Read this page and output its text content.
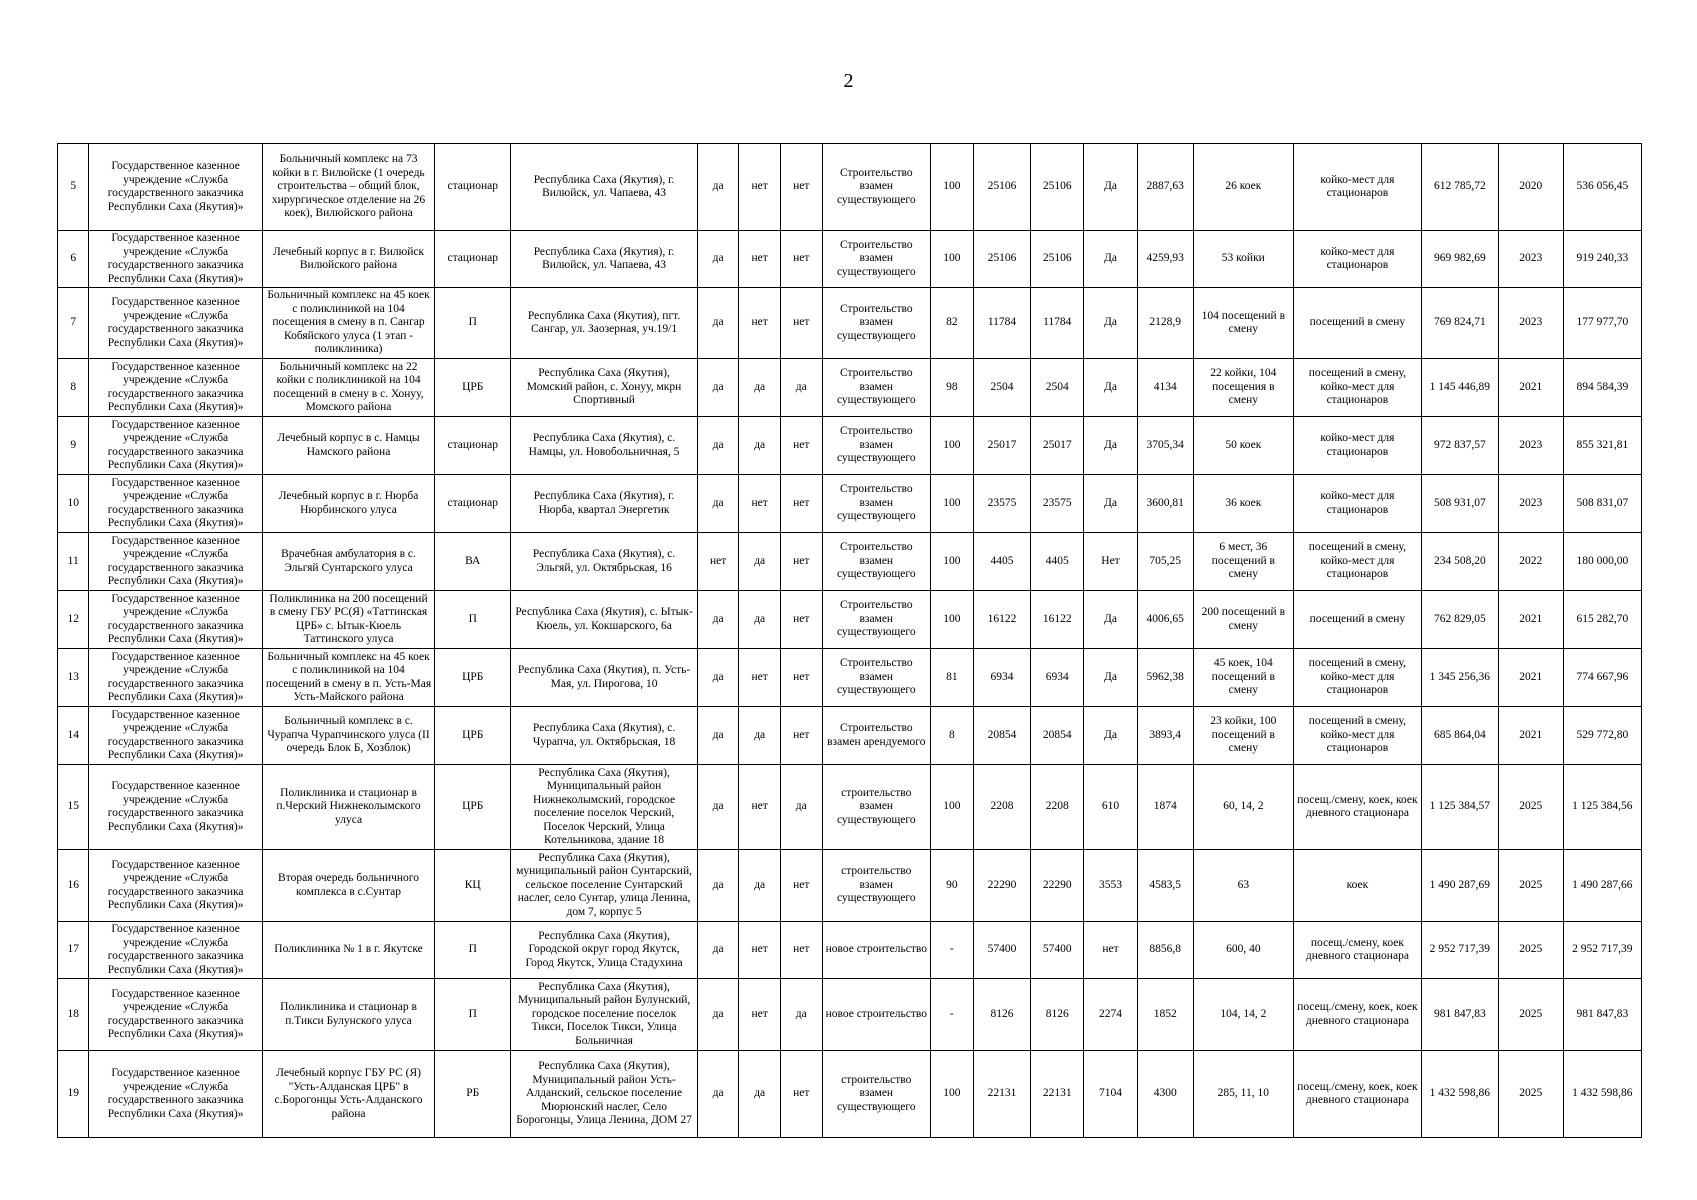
2
5	Государственное казенное учреждение «Служба государственного заказчика Республики Саха (Якутия)»	Больничный комплекс на 73 койки в г. Вилюйске (1 очередь строительства – общий блок, хирургическое отделение на 26 коек), Вилюйского района	стационар	Республика Саха (Якутия), г. Вилюйск, ул. Чапаева, 43	да	нет	нет	Строительство взамен существующего	100	25106	25106	Да	2887,63	26 коек	койко-мест для стационаров	612 785,72	2020	536 056,45
6	Государственное казенное учреждение «Служба государственного заказчика Республики Саха (Якутия)»	Лечебный корпус в г. Вилюйск Вилюйского района	стационар	Республика Саха (Якутия), г. Вилюйск, ул. Чапаева, 43	да	нет	нет	Строительство взамен существующего	100	25106	25106	Да	4259,93	53 койки	койко-мест для стационаров	969 982,69	2023	919 240,33
7	Государственное казенное учреждение «Служба государственного заказчика Республики Саха (Якутия)»	Больничный комплекс на 45 коек с поликлиникой на 104 посещения в смену в п. Сангар Кобяйского улуса (1 этап - поликлиника)	П	Республика Саха (Якутия), пгт. Сангар, ул. Заозерная, уч.19/1	да	нет	нет	Строительство взамен существующего	82	11784	11784	Да	2128,9	104 посещений в смену	посещений в смену	769 824,71	2023	177 977,70
8	Государственное казенное учреждение «Служба государственного заказчика Республики Саха (Якутия)»	Больничный комплекс на 22 койки с поликлиникой на 104 посещений в смену в с. Хонуу, Момского района	ЦРБ	Республика Саха (Якутия), Момский район, с. Хонуу, мкрн Спортивный	да	да	да	Строительство взамен существующего	98	2504	2504	Да	4134	22 койки, 104 посещения в смену	посещений в смену, койко-мест для стационаров	1 145 446,89	2021	894 584,39
9	Государственное казенное учреждение «Служба государственного заказчика Республики Саха (Якутия)»	Лечебный корпус в с. Намцы Намского района	стационар	Республика Саха (Якутия), с. Намцы, ул. Новобольничная, 5	да	да	нет	Строительство взамен существующего	100	25017	25017	Да	3705,34	50 коек	койко-мест для стационаров	972 837,57	2023	855 321,81
10	Государственное казенное учреждение «Служба государственного заказчика Республики Саха (Якутия)»	Лечебный корпус в г. Нюрба Нюрбинского улуса	стационар	Республика Саха (Якутия), г. Нюрба, квартал Энергетик	да	нет	нет	Строительство взамен существующего	100	23575	23575	Да	3600,81	36 коек	койко-мест для стационаров	508 931,07	2023	508 831,07
11	Государственное казенное учреждение «Служба государственного заказчика Республики Саха (Якутия)»	Врачебная амбулатория в с. Эльгяй Сунтарского улуса	ВА	Республика Саха (Якутия), с. Эльгяй, ул. Октябрьская, 16	нет	да	нет	Строительство взамен существующего	100	4405	4405	Нет	705,25	6 мест, 36 посещений в смену	посещений в смену, койко-мест для стационаров	234 508,20	2022	180 000,00
12	Государственное казенное учреждение «Служба государственного заказчика Республики Саха (Якутия)»	Поликлиника на 200 посещений в смену ГБУ РС(Я) «Таттинская ЦРБ» с. Ытык-Кюель Таттинского улуса	П	Республика Саха (Якутия), с. Ытык-Кюель, ул. Кокшарского, 6а	да	да	нет	Строительство взамен существующего	100	16122	16122	Да	4006,65	200 посещений в смену	посещений в смену	762 829,05	2021	615 282,70
13	Государственное казенное учреждение «Служба государственного заказчика Республики Саха (Якутия)»	Больничный комплекс на 45 коек с поликлиникой на 104 посещений в смену в п. Усть-Мая Усть-Майского района	ЦРБ	Республика Саха (Якутия), п. Усть-Мая, ул. Пирогова, 10	да	нет	нет	Строительство взамен существующего	81	6934	6934	Да	5962,38	45 коек, 104 посещений в смену	посещений в смену, койко-мест для стационаров	1 345 256,36	2021	774 667,96
14	Государственное казенное учреждение «Служба государственного заказчика Республики Саха (Якутия)»	Больничный комплекс в с. Чурапча Чурапчинского улуса (II очередь Блок Б, Хозблок)	ЦРБ	Республика Саха (Якутия), с. Чурапча, ул. Октябрьская, 18	да	да	нет	Строительство взамен арендуемого	8	20854	20854	Да	3893,4	23 койки, 100 посещений в смену	посещений в смену, койко-мест для стационаров	685 864,04	2021	529 772,80
15	Государственное казенное учреждение «Служба государственного заказчика Республики Саха (Якутия)»	Поликлиника и стационар в п.Черский Нижнеколымского улуса	ЦРБ	Республика Саха (Якутия), Муниципальный район Нижнеколымский, городское поселение поселок Черский, Поселок Черский, Улица Котельникова, здание 18	да	нет	да	строительство взамен существующего	100	2208	2208	610	1874	60, 14, 2	посещ./смену, коек, коек дневного стационара	1 125 384,57	2025	1 125 384,56
16	Государственное казенное учреждение «Служба государственного заказчика Республики Саха (Якутия)»	Вторая очередь больничного комплекса в с.Сунтар	КЦ	Республика Саха (Якутия), муниципальный район Сунтарский, сельское поселение Сунтарский наслег, село Сунтар, улица Ленина, дом 7, корпус 5	да	да	нет	строительство взамен существующего	90	22290	22290	3553	4583,5	63	коек	1 490 287,69	2025	1 490 287,66
17	Государственное казенное учреждение «Служба государственного заказчика Республики Саха (Якутия)»	Поликлиника № 1 в г. Якутске	П	Республика Саха (Якутия), Городской округ город Якутск, Город Якутск, Улица Стадухина	да	нет	нет	новое строительство	-	57400	57400	нет	8856,8	600, 40	посещ./смену, коек дневного стационара	2 952 717,39	2025	2 952 717,39
18	Государственное казенное учреждение «Служба государственного заказчика Республики Саха (Якутия)»	Поликлиника и стационар в п.Тикси Булунского улуса	П	Республика Саха (Якутия), Муниципальный район Булунский, городское поселение поселок Тикси, Поселок Тикси, Улица Больничная	да	нет	да	новое строительство	-	8126	8126	2274	1852	104, 14, 2	посещ./смену, коек, коек дневного стационара	981 847,83	2025	981 847,83
19	Государственное казенное учреждение «Служба государственного заказчика Республики Саха (Якутия)»	Лечебный корпус ГБУ РС (Я) "Усть-Алданская ЦРБ" в с.Борогонцы Усть-Алданского района	РБ	Республика Саха (Якутия), Муниципальный район Усть-Алданский, сельское поселение Мюрюнский наслег, Село Борогонцы, Улица Ленина, ДОМ 27	да	да	нет	строительство взамен существующего	100	22131	22131	7104	4300	285, 11, 10	посещ./смену, коек, коек дневного стационара	1 432 598,86	2025	1 432 598,86
